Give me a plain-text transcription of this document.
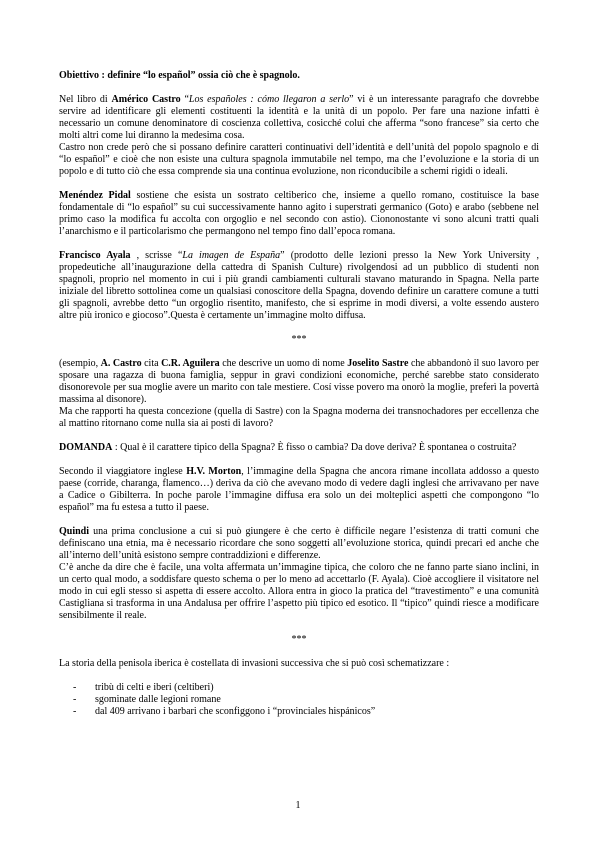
Obiettivo : definire “lo español” ossia ciò che è spagnolo.

Nel libro di Américo Castro “Los españoles : cómo llegaron a serlo” vi è un interessante paragrafo che dovrebbe servire ad identificare gli elementi costituenti la identità e la unità di un popolo. Per fare una nazione infatti è necessario un comune denominatore di coscienza collettiva, cosicché colui che afferma “sono francese” sia certo che molti altri come lui diranno la medesima cosa.

Castro non crede però che si possano definire caratteri continuativi dell’identità e dell’unità del popolo spagnolo e di “lo español” e cioè che non esiste una cultura spagnola immutabile nel tempo, ma che l’evoluzione e la storia di un popolo e di tutto ciò che essa comprende sia una continua evoluzione, non riconducibile a schemi rigidi o ideali.

Menéndez Pidal sostiene che esista un sostrato celtiberico che, insieme a quello romano, costituisce la base fondamentale di “lo español” su cui successivamente hanno agito i superstrati germanico (Goto) e arabo (sebbene nel primo caso la modifica fu accolta con orgoglio e nel secondo con astio). Ciononostante vi sono alcuni tratti quali l’anarchismo e il particolarismo che permangono nel tempo fino dall’epoca romana.

Francisco Ayala , scrisse “La imagen de España” (prodotto delle lezioni presso la New York University , propedeutiche all’inaugurazione della cattedra di Spanish Culture) rivolgendosi ad un pubblico di studenti non spagnoli, proprio nel momento in cui i più grandi cambiamenti culturali stavano maturando in Spagna. Nella parte iniziale del libretto sottolinea come un qualsiasi conoscitore della Spagna, dovendo definire un carattere comune a tutti gli spagnoli, avrebbe detto “un orgoglio risentito, manifesto, che si esprime in modi diversi, a volte essendo austero altre più ironico e giocoso”.Questa è certamente un’immagine molto diffusa.

***

(esempio, A. Castro cita C.R. Aguilera che descrive un uomo di nome Joselito Sastre che abbandonò il suo lavoro per sposare una ragazza di buona famiglia, seppur in gravi condizioni economiche, perché sarebbe stato considerato disonorevole per sua moglie avere un marito con tale mestiere. Cosí visse povero ma onorò la moglie, preferì la povertà massima al disonore).

Ma che rapporti ha questa concezione (quella di Sastre) con la Spagna moderna dei transnochadores per eccellenza che al mattino ritornano come nulla sia ai posti di lavoro?

DOMANDA : Qual è il carattere tipico della Spagna? È fisso o cambia? Da dove deriva? È spontanea o costruita?

Secondo il viaggiatore inglese H.V. Morton, l’immagine della Spagna che ancora rimane incollata addosso a questo paese (corride, charanga, flamenco…) deriva da ciò che avevano modo di vedere dagli inglesi che arrivavano per nave a Cadice o Gibilterra. In poche parole l’immagine diffusa era solo un dei molteplici aspetti che compongono “lo español” ma fu estesa a tutto il paese.

Quindi una prima conclusione a cui si può giungere è che certo è difficile negare l’esistenza di tratti comuni che definiscano una etnia, ma è necessario ricordare che sono soggetti all’evoluzione storica, quindi precari ed anche che all’interno dell’unità esistono sempre contraddizioni e differenze.

C’è anche da dire che è facile, una volta affermata un’immagine tipica, che coloro che ne fanno parte siano inclini, in un certo qual modo, a soddisfare questo schema o per lo meno ad accettarlo (F. Ayala). Cioè accogliere il visitatore nel modo in cui egli stesso si aspetta di essere accolto. Allora entra in gioco la pratica del “travestimento” e una comunità Castigliana si trasforma in una Andalusa per offrire l’aspetto più tipico ed esotico. Il “tipico” quindi riesce a modificare sensibilmente il reale.

***

La storia della penisola iberica è costellata di invasioni successiva che si può così schematizzare :

- tribù di celti e iberi (celtiberi)
- sgominate dalle legioni romane
- dal 409 arrivano i barbari che sconfiggono i “provinciales hispánicos”
1
